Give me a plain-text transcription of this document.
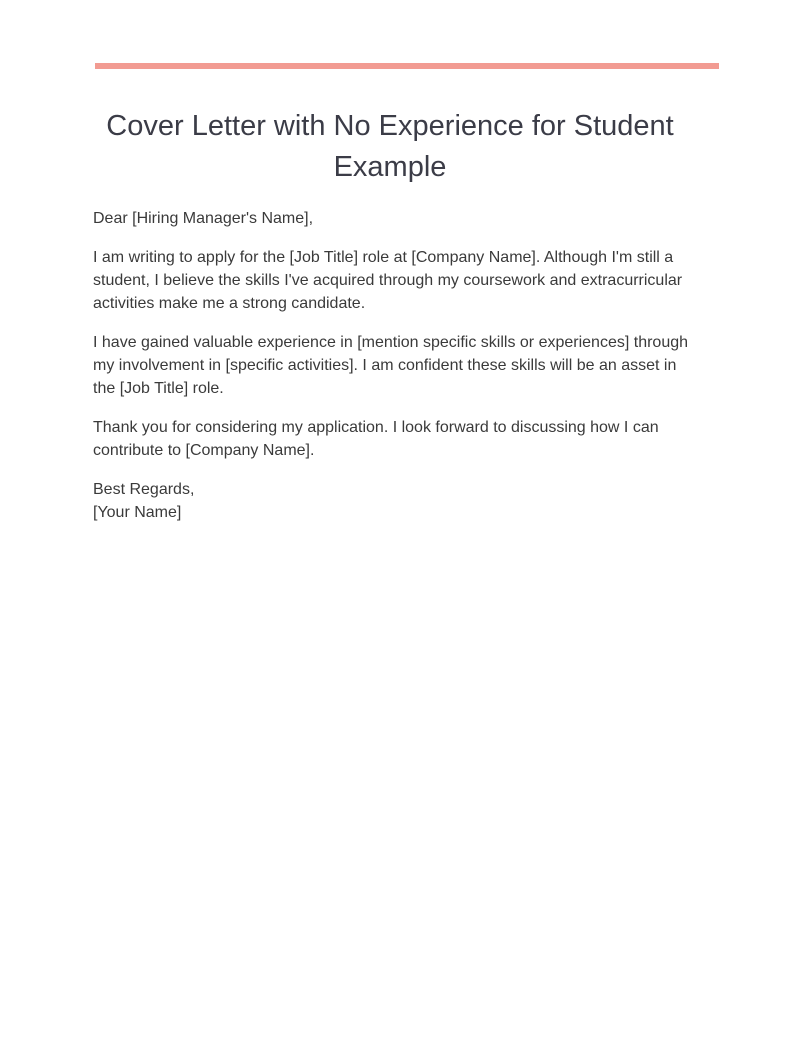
Cover Letter with No Experience for Student Example

Dear [Hiring Manager's Name],

I am writing to apply for the [Job Title] role at [Company Name]. Although I'm still a student, I believe the skills I've acquired through my coursework and extracurricular activities make me a strong candidate.

I have gained valuable experience in [mention specific skills or experiences] through my involvement in [specific activities]. I am confident these skills will be an asset in the [Job Title] role.

Thank you for considering my application. I look forward to discussing how I can contribute to [Company Name].

Best Regards,
[Your Name]
